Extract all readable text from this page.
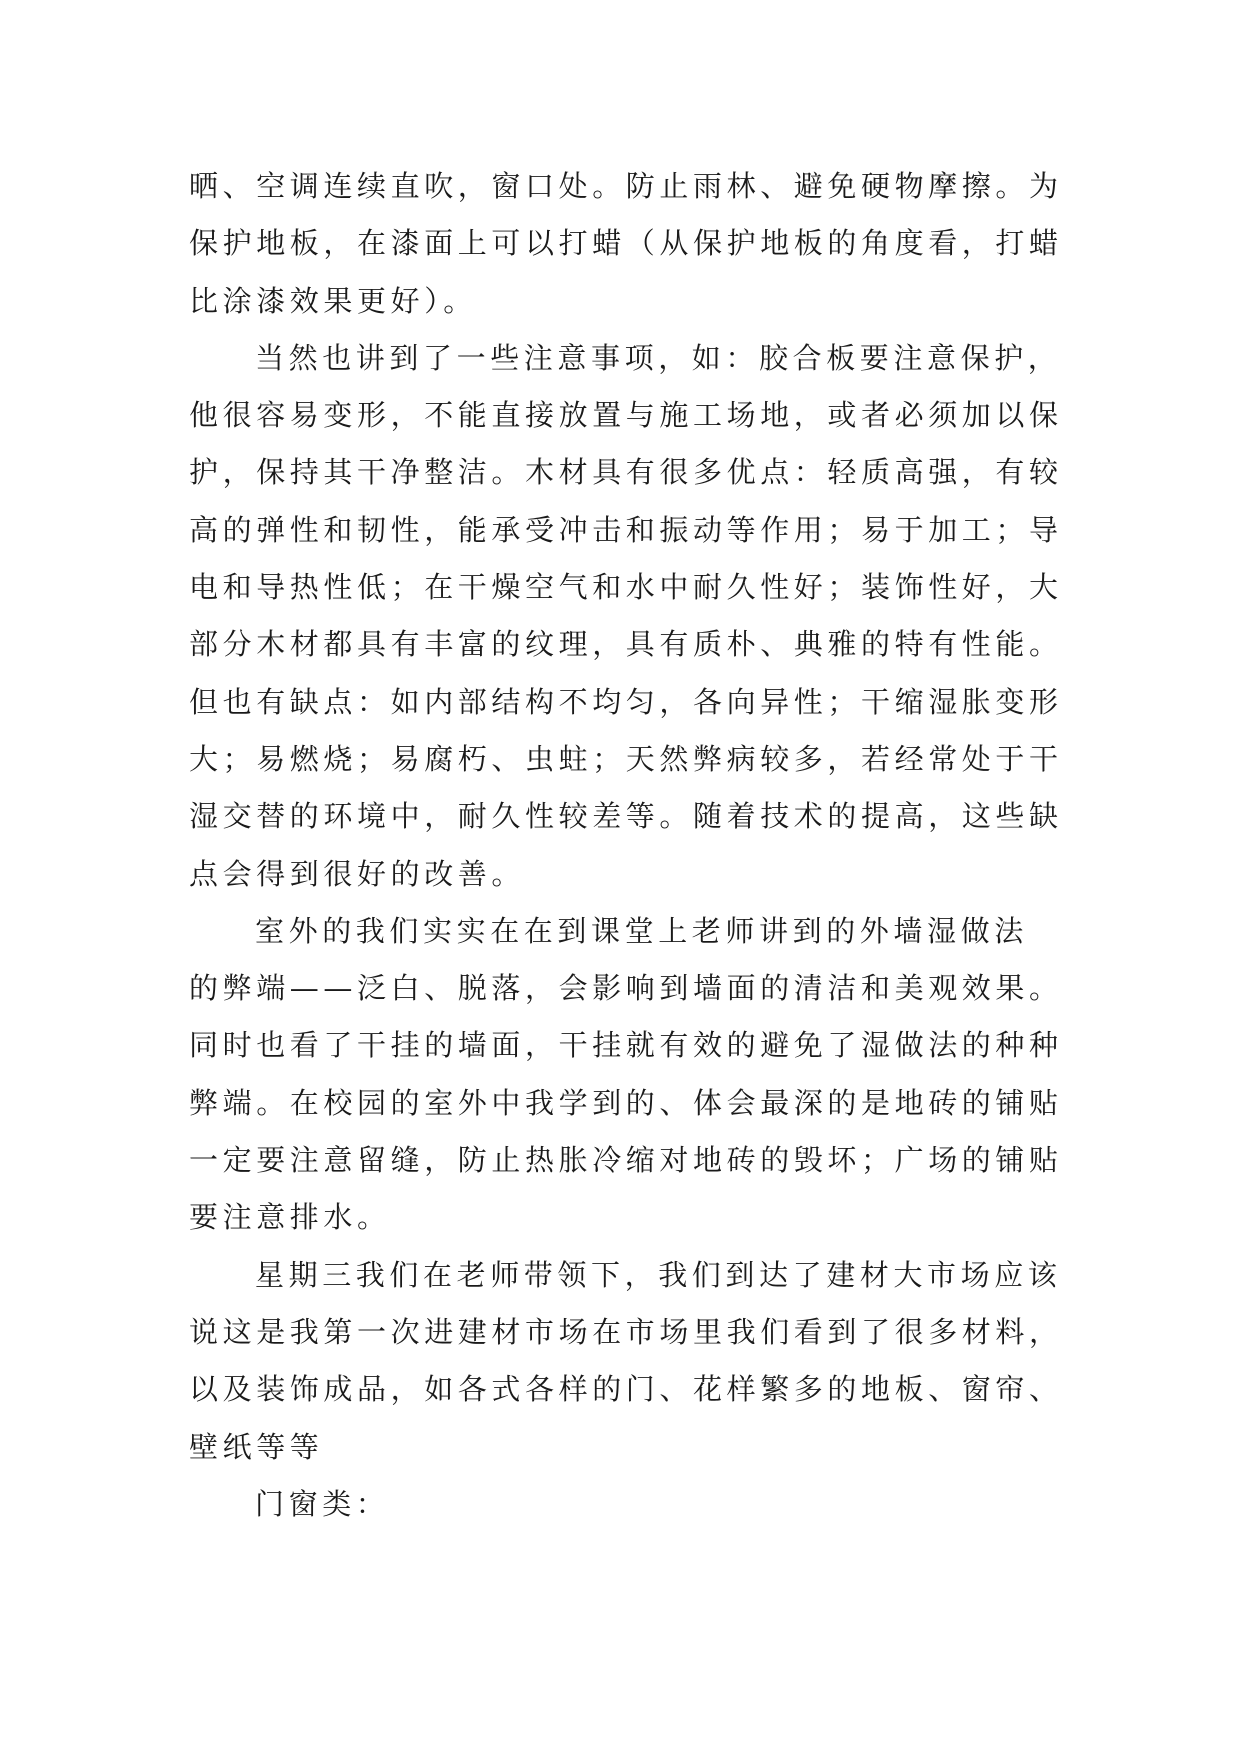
晒、空调连续直吹，窗口处。防止雨林、避免硬物摩擦。为
保护地板，在漆面上可以打蜡（从保护地板的角度看，打蜡
比涂漆效果更好）。
当然也讲到了一些注意事项，如：胶合板要注意保护，
他很容易变形，不能直接放置与施工场地，或者必须加以保
护，保持其干净整洁。木材具有很多优点：轻质高强，有较
高的弹性和韧性，能承受冲击和振动等作用；易于加工；导
电和导热性低；在干燥空气和水中耐久性好；装饰性好，大
部分木材都具有丰富的纹理，具有质朴、典雅的特有性能。
但也有缺点：如内部结构不均匀，各向异性；干缩湿胀变形
大；易燃烧；易腐朽、虫蛀；天然弊病较多，若经常处于干
湿交替的环境中，耐久性较差等。随着技术的提高，这些缺
点会得到很好的改善。
室外的我们实实在在到课堂上老师讲到的外墙湿做法
的弊端——泛白、脱落，会影响到墙面的清洁和美观效果。
同时也看了干挂的墙面，干挂就有效的避免了湿做法的种种
弊端。在校园的室外中我学到的、体会最深的是地砖的铺贴
一定要注意留缝，防止热胀冷缩对地砖的毁坏；广场的铺贴
要注意排水。
星期三我们在老师带领下，我们到达了建材大市场应该
说这是我第一次进建材市场在市场里我们看到了很多材料，
以及装饰成品，如各式各样的门、花样繁多的地板、窗帘、
壁纸等等
门窗类：
